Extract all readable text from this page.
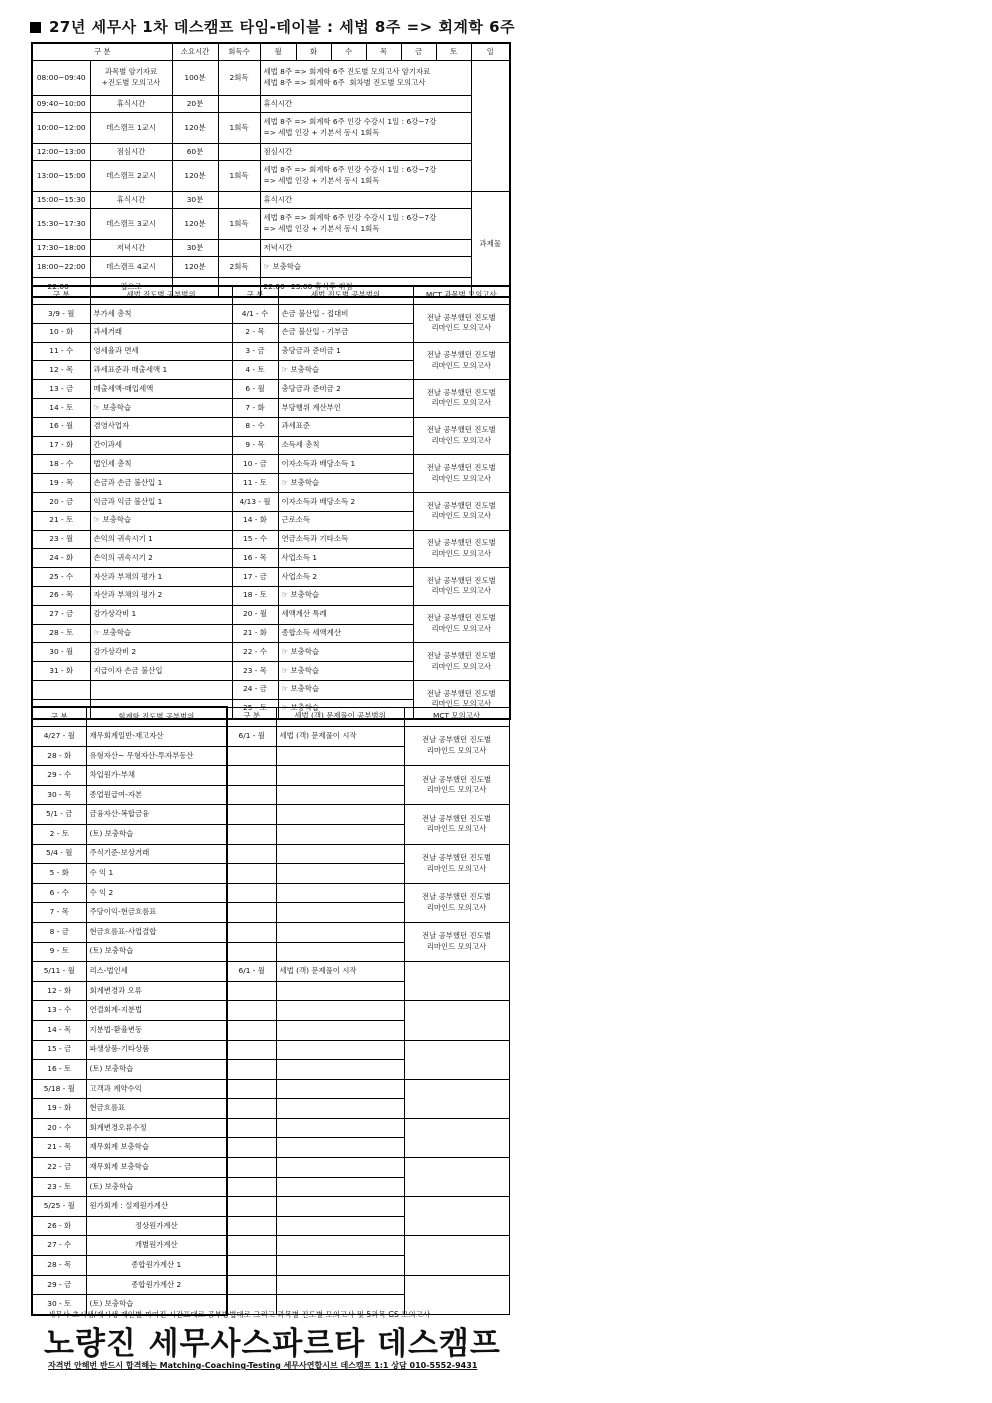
27년 세무사 1차 데스캠프 타임-테이블 : 세법 8주 => 회계학 6주
구 분		소요시간	회독수	월	화	수	목	금	토	일
08:00~09:40	과목별 암기자료
+진도별 모의고사	100분	2회독	세법 8주 => 회계학 6주 진도별 모의고사 암기자료
세법 8주 => 회계학 6주  회차별 진도별 모의고사						
09:40~10:00	휴식시간	20분		휴식시간						
10:00~12:00	데스캠프 1교시	120분	1회독	세법 8주 => 회계학 6주 인강 수강시 1일 : 6강~7강
=> 세법 인강 + 기본서 동시 1회독						
12:00~13:00	점심시간	60분		점심시간						
13:00~15:00	데스캠프 2교시	120분	1회독	세법 8주 => 회계학 6주 인강 수강시 1일 : 6강~7강
=> 세법 인강 + 기본서 동시 1회독						
15:00~15:30	휴식시간	30분		휴식시간						과제물
15:30~17:30	데스캠프 3교시	120분	1회독	세법 8주 => 회계학 6주 인강 수강시 1일 : 6강~7강
=> 세법 인강 + 기본서 동시 1회독						
17:30~18:00	저녁시간	30분		저녁시간						
18:00~22:00	데스캠프 4교시	120분	2회독	☞ 보충학습						
22:00~	집으로			22:00~23:00 휴식후 취침						
구 분	세법 진도별 공부범위	구 분	세법 진도별 공부범위	MCT 과목별 모의고사
3/9 - 월	부가세 총칙	4/1 - 수	손금 불산입 - 접대비	전날 공부했던 진도별
리마인드 모의고사
10 - 화	과세거래	2 - 목	손금 불산입 - 기부금	
11 - 수	영세율과 면세	3 - 금	충당금과 준비금 1	전날 공부했던 진도별
리마인드 모의고사
12 - 목	과세표준과 매출세액 1	4 - 토	☞ 보충학습	
13 - 금	매출세액-매입세액	6 - 월	충당금과 준비금 2	전날 공부했던 진도별
리마인드 모의고사
14 - 토	☞ 보충학습	7 - 화	부당행위 계산부인	
16 - 월	겸영사업자	8 - 수	과세표준	전날 공부했던 진도별
리마인드 모의고사
17 - 화	간이과세	9 - 목	소득세 총칙	
18 - 수	법인세 총칙	10 - 금	이자소득과 배당소득 1	전날 공부했던 진도별
리마인드 모의고사
19 - 목	손금과 손금 불산입 1	11 - 토	☞ 보충학습	
20 - 금	익금과 익금 불산입 1	4/13 - 월	이자소득과 배당소득 2	전날 공부했던 진도별
리마인드 모의고사
21 - 토	☞ 보충학습	14 - 화	근로소득	
23 - 월	손익의 귀속시기 1	15 - 수	연금소득과 기타소득	전날 공부했던 진도별
리마인드 모의고사
24 - 화	손익의 귀속시기 2	16 - 목	사업소득 1	
25 - 수	자산과 부채의 평가 1	17 - 금	사업소득 2	전날 공부했던 진도별
리마인드 모의고사
26 - 목	자산과 부채의 평가 2	18 - 토	☞ 보충학습	
27 - 금	감가상각비 1	20 - 월	세액계산 특례	전날 공부했던 진도별
리마인드 모의고사
28 - 토	☞ 보충학습	21 - 화	종합소득 세액계산	
30 - 월	감가상각비 2	22 - 수	☞ 보충학습	전날 공부했던 진도별
리마인드 모의고사
31 - 화	지급이자 손금 불산입	23 - 목	☞ 보충학습	
		24 - 금	☞ 보충학습	전날 공부했던 진도별
리마인드 모의고사
		25 - 토	☞ 보충학습	
구 분	회계학 진도별 공부범위	구 분	세법 (객) 문제풀이 공부범위	MCT 모의고사
4/27 - 월	재무회계일반-재고자산	6/1 - 월	세법 (객) 문제풀이 시작	전날 공부했던 진도별
리마인드 모의고사
28 - 화	유형자산~ 무형자산-투자부동산			
29 - 수	차입원가-부채			전날 공부했던 진도별
리마인드 모의고사
30 - 목	종업원급여-자본			
5/1 - 금	금융자산-복합금융			전날 공부했던 진도별
리마인드 모의고사
2 - 토	(토) 보충학습			
5/4 - 월	주식기준-보상거래			전날 공부했던 진도별
리마인드 모의고사
5 - 화	수 익 1			
6 - 수	수 익 2			전날 공부했던 진도별
리마인드 모의고사
7 - 목	주당이익-현금흐름표			
8 - 금	현금흐름표-사업결합			전날 공부했던 진도별
리마인드 모의고사
9 - 토	(토) 보충학습			
5/11 - 월	리스-법인세	6/1 - 월	세법 (객) 문제풀이 시작	
12 - 화	회계변경과 오류			
13 - 수	연결회계-지분법			
14 - 목	지분법-환율변동			
15 - 금	파생상품-기타상품			
16 - 토	(토) 보충학습			
5/18 - 월	고객과 계약수익			
19 - 화	현금흐름표			
20 - 수	회계변경오류수정			
21 - 목	재무회계 보충학습			
22 - 금	재무회계 보충학습			
23 - 토	(토) 보충학습			
5/25 - 월	원가회계 : 실제원가계산			
26 - 화	정상원가계산			
27 - 수	개별원가계산			
28 - 목	종합원가계산 1			
29 - 금	종합원가계산 2			
30 - 토	(토) 보충학습			
세무사 초시생/재시생 개인별 짜여진 시간표대로 공부방법대로 그리고 과목별 진도별 모의고사 및 5과목 GS 모의고사
노량진 세무사스파르타 데스캠프
자격번 안해번 반드시 합격해는 Matching-Coaching-Testing 세무사연합시브 데스캠프 1:1 상담 010-5552-9431
